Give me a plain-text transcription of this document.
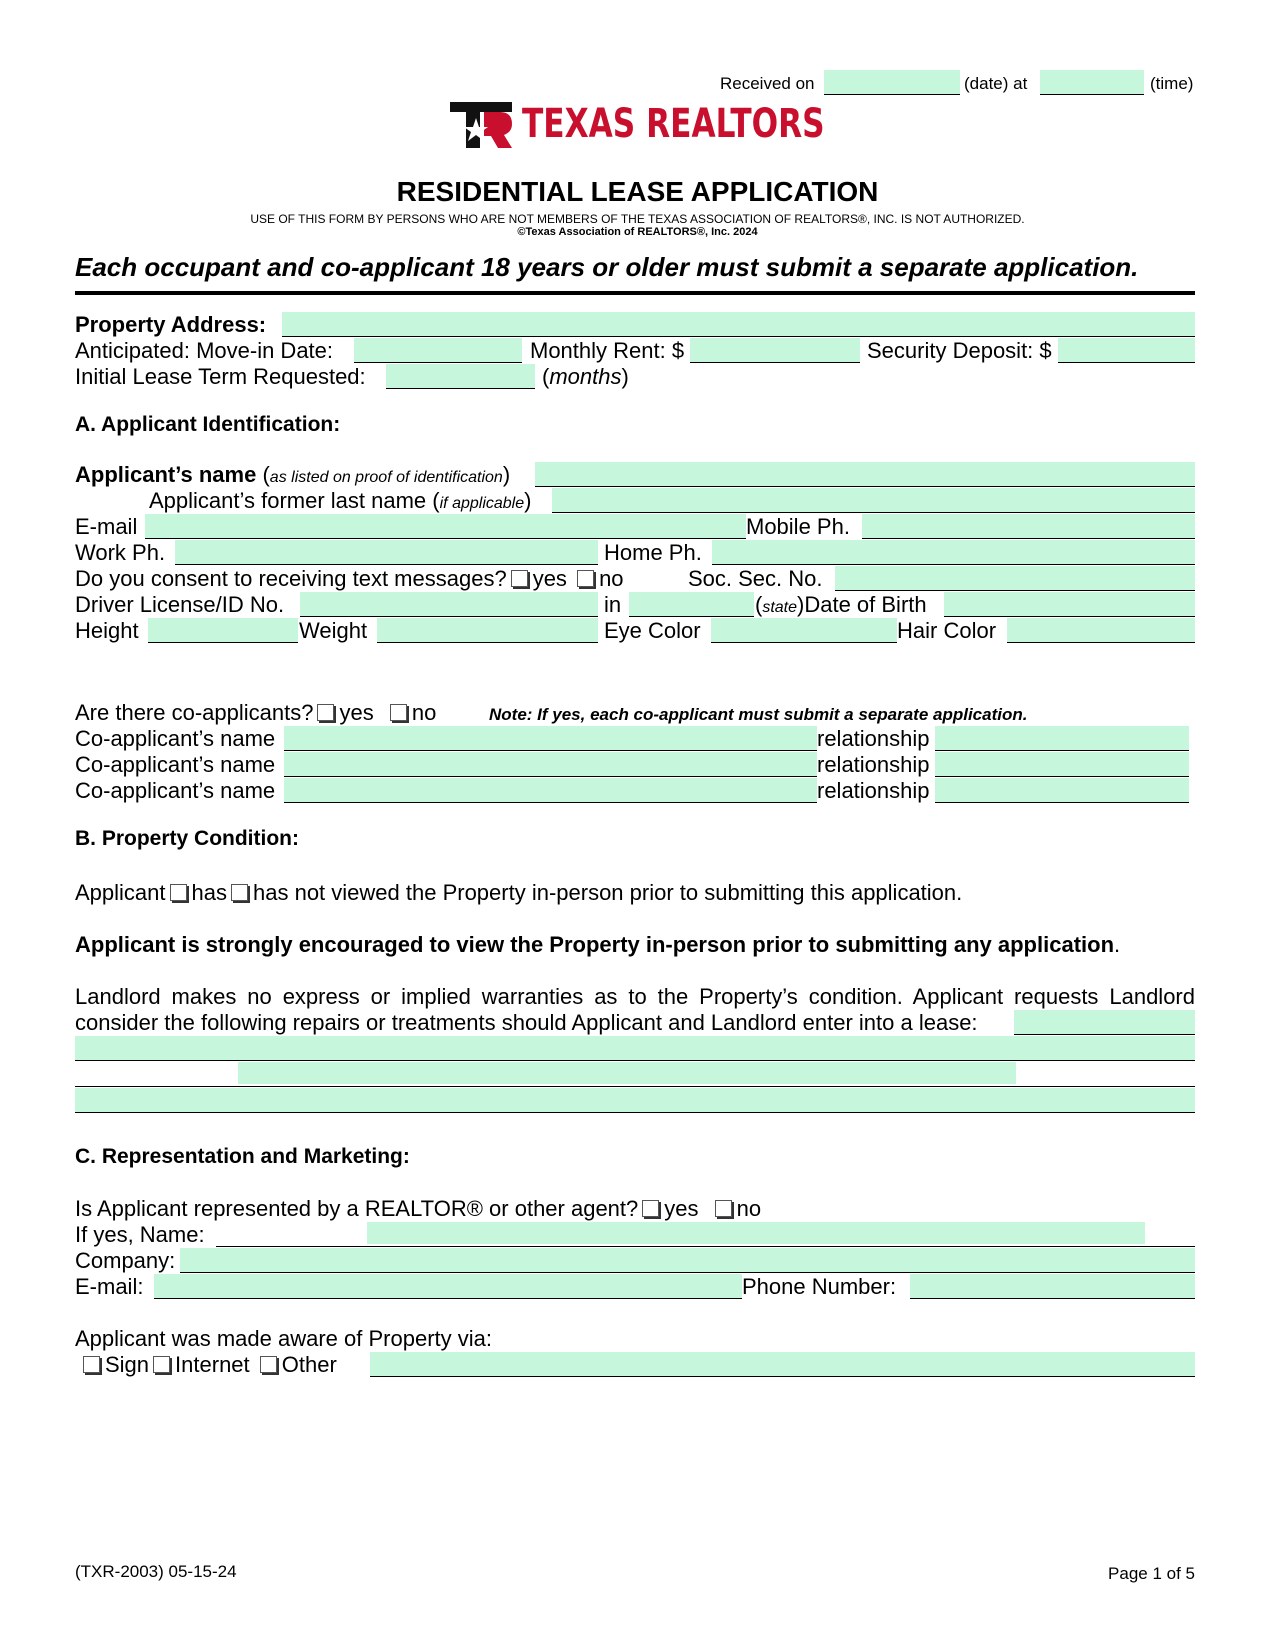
Received on	(date) at	(time)
TEXAS REALTORS
RESIDENTIAL LEASE APPLICATION
USE OF THIS FORM BY PERSONS WHO ARE NOT MEMBERS OF THE TEXAS ASSOCIATION OF REALTORS®, INC. IS NOT AUTHORIZED.
©Texas Association of REALTORS®, Inc. 2024
Each occupant and co-applicant 18 years or older must submit a separate application.
Property Address:
Anticipated: Move-in Date:	Monthly Rent: $	Security Deposit: $
Initial Lease Term Requested:	(months)
A. Applicant Identification:
Applicant’s name (as listed on proof of identification)
Applicant’s former last name (if applicable)
E-mail	Mobile Ph.
Work Ph.	Home Ph.
Do you consent to receiving text messages? yes no	Soc. Sec. No.
Driver License/ID No.	in	(state)Date of Birth
Height	Weight	Eye Color	Hair Color
Are there co-applicants? yes no	Note: If yes, each co-applicant must submit a separate application.
Co-applicant’s name	relationship
Co-applicant’s name	relationship
Co-applicant’s name	relationship
B. Property Condition:
Applicant has has not viewed the Property in-person prior to submitting this application.
Applicant is strongly encouraged to view the Property in-person prior to submitting any application.
Landlord makes no express or implied warranties as to the Property’s condition. Applicant requests Landlord
consider the following repairs or treatments should Applicant and Landlord enter into a lease:
C. Representation and Marketing:
Is Applicant represented by a REALTOR® or other agent? yes no
If yes, Name:
Company:
E-mail:	Phone Number:
Applicant was made aware of Property via:
Sign Internet Other
(TXR-2003) 05-15-24	Page 1 of 5
